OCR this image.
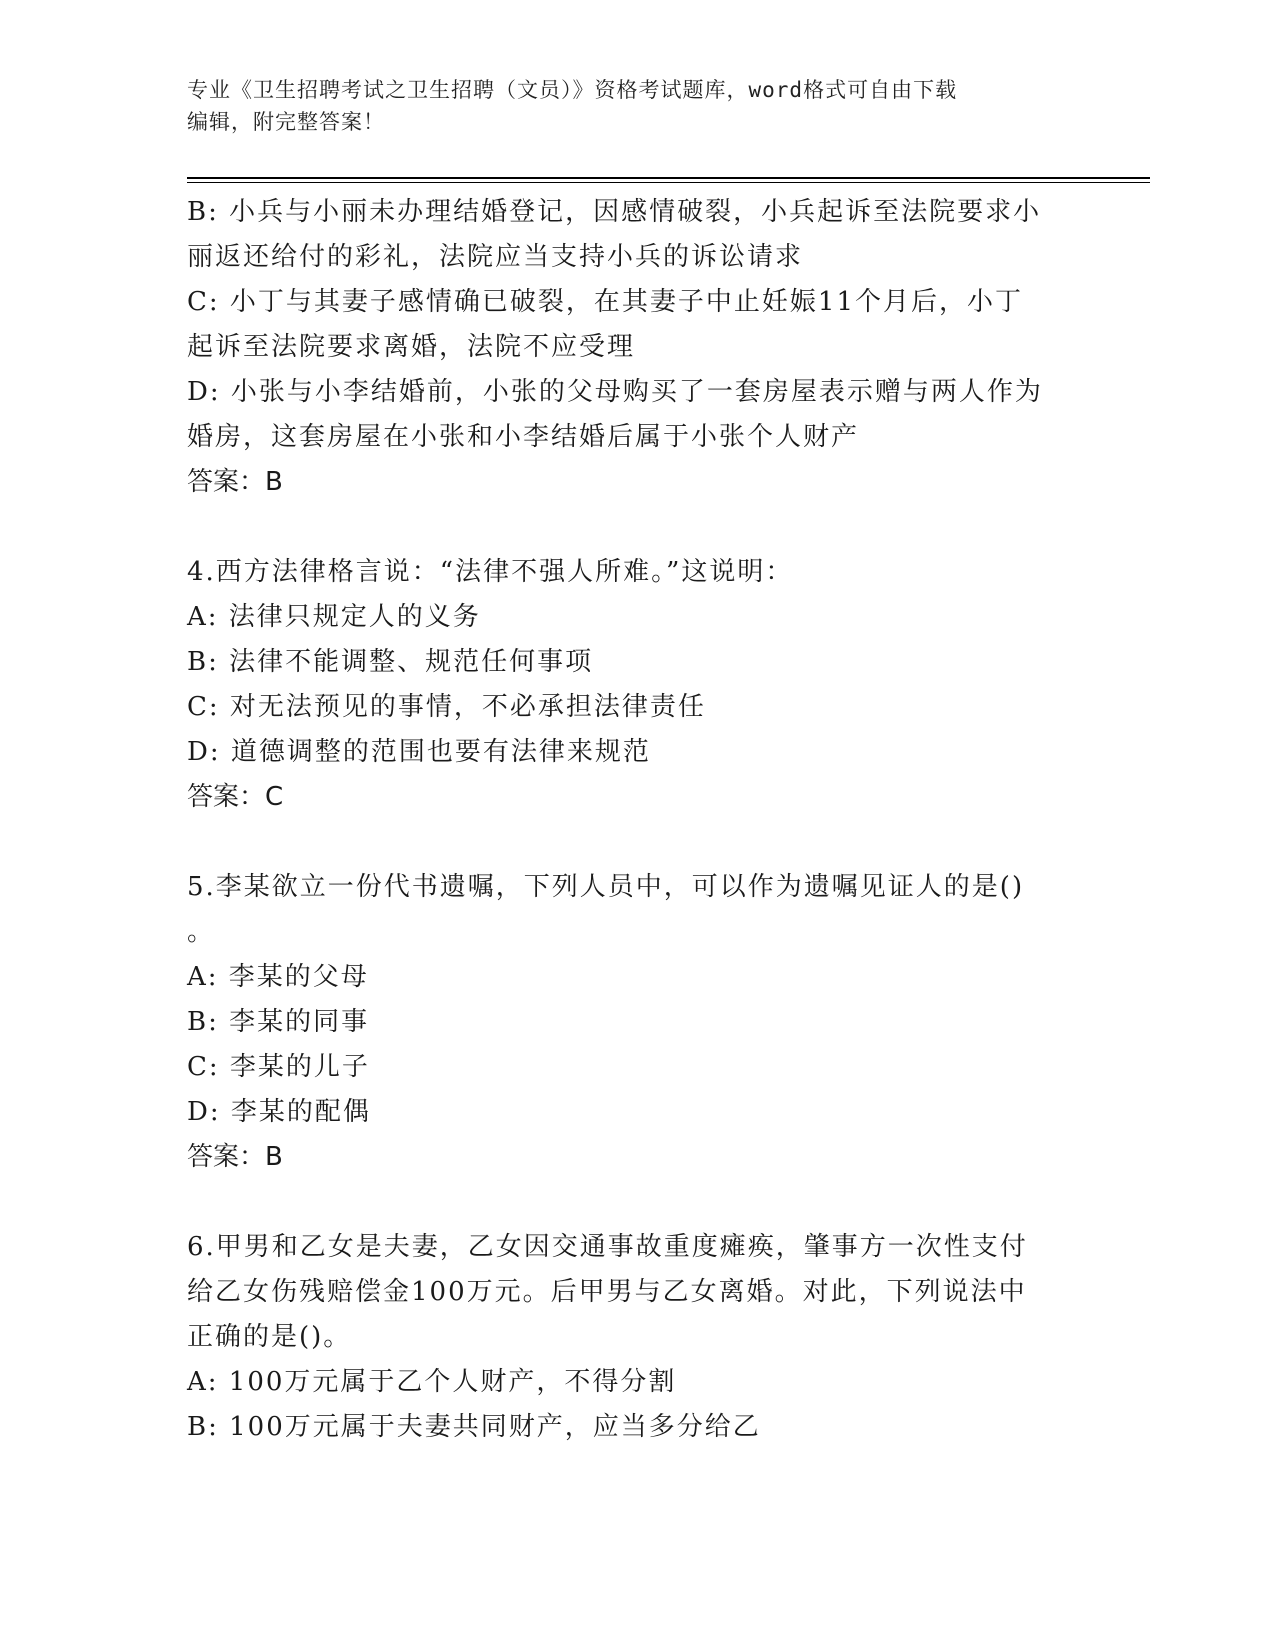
专业《卫生招聘考试之卫生招聘（文员）》资格考试题库，word格式可自由下载
编辑，附完整答案！
B: 小兵与小丽未办理结婚登记，因感情破裂，小兵起诉至法院要求小
丽返还给付的彩礼，法院应当支持小兵的诉讼请求
C: 小丁与其妻子感情确已破裂，在其妻子中止妊娠11个月后，小丁
起诉至法院要求离婚，法院不应受理
D: 小张与小李结婚前，小张的父母购买了一套房屋表示赠与两人作为
婚房，这套房屋在小张和小李结婚后属于小张个人财产
答案：B
4.西方法律格言说：“法律不强人所难。”这说明：
A: 法律只规定人的义务
B: 法律不能调整、规范任何事项
C: 对无法预见的事情，不必承担法律责任
D: 道德调整的范围也要有法律来规范
答案：C
5.李某欲立一份代书遗嘱，下列人员中，可以作为遗嘱见证人的是()
。
A: 李某的父母
B: 李某的同事
C: 李某的儿子
D: 李某的配偶
答案：B
6.甲男和乙女是夫妻，乙女因交通事故重度瘫痪，肇事方一次性支付
给乙女伤残赔偿金100万元。后甲男与乙女离婚。对此，下列说法中
正确的是()。
A: 100万元属于乙个人财产，不得分割
B: 100万元属于夫妻共同财产，应当多分给乙
